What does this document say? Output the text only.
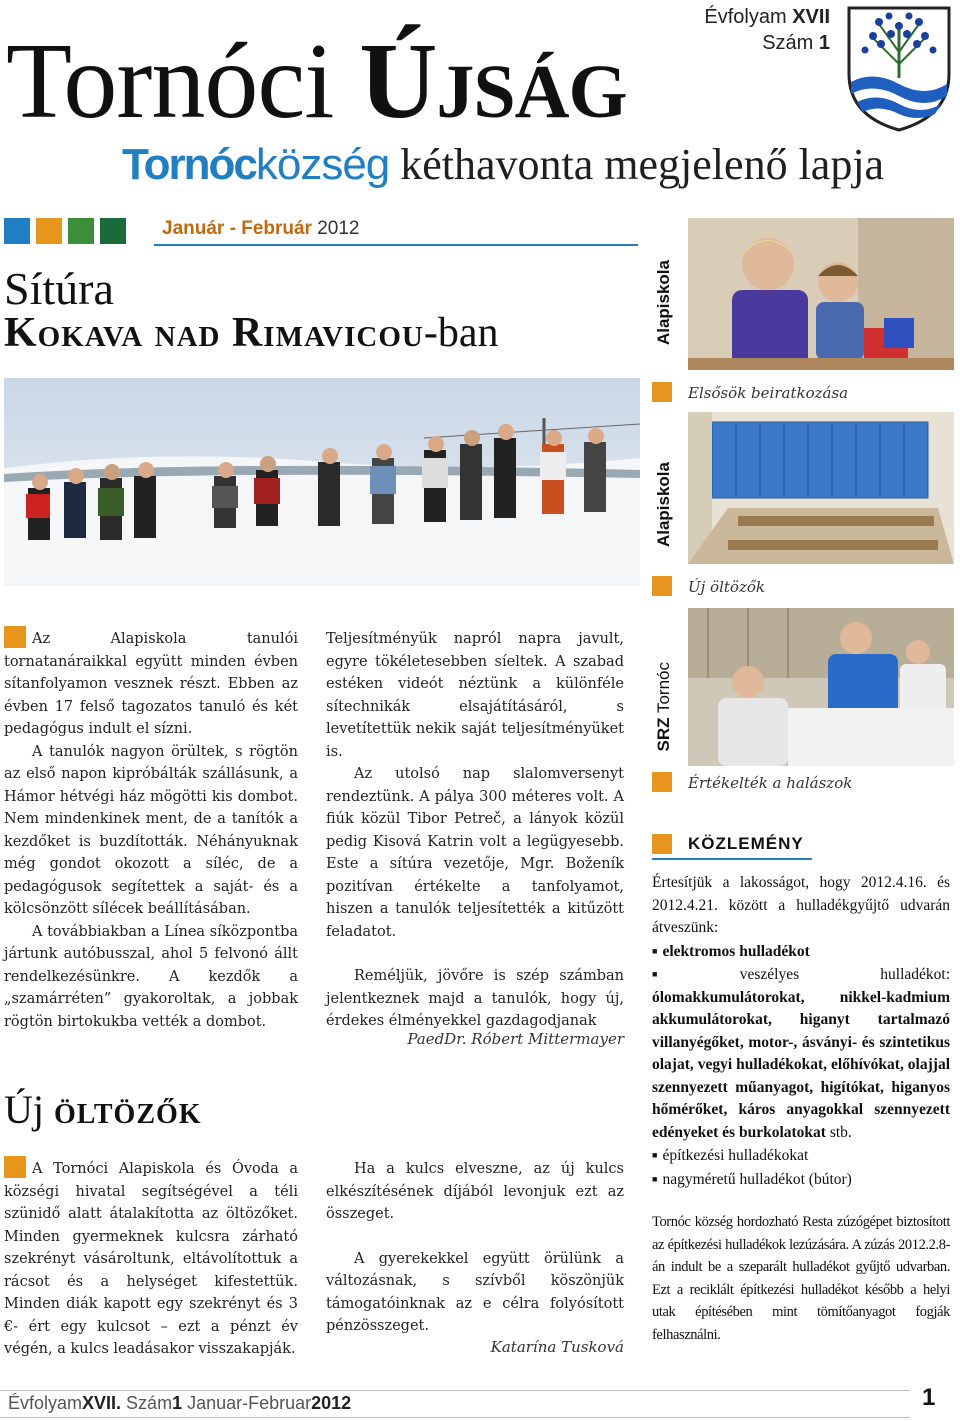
Tornóci Újság
Évfolyam XVII
Szám 1
Tornócközség kéthavonta megjelenő lapja
Január - Február 2012
Sítúra
Kokava nad Rimavicou-ban	Alapiskola
Elsősök beiratkozása
Alapiskola
Új öltözők
SRZ Tornóc
Értékelték a halászok

Az Alapiskola tanulói tornatanáraikkal együtt minden évben sítanfolyamon vesznek részt. Ebben az évben 17 felső tagozatos tanuló és két pedagógus indult el sízni.

A tanulók nagyon örültek, s rögtön az első napon kipróbálták szállásunk, a Hámor hétvégi ház mögötti kis dombot. Nem mindenkinek ment, de a tanítók a kezdőket is buzdították. Néhányuknak még gondot okozott a síléc, de a pedagógusok segítettek a saját- és a kölcsönzött sílécek beállításában.

A továbbiakban a Línea síközpontba jártunk autóbusszal, ahol 5 felvonó állt rendelkezésünkre. A kezdők a „szamárréten” gyakoroltak, a jobbak rögtön birtokukba vették a dombot.

Teljesítményük napról napra javult, egyre tökéletesebben síeltek. A szabad estéken videót néztünk a különféle sítechnikák elsajátításáról, s levetítettük nekik saját teljesítményüket is.

Az utolsó nap slalomversenyt rendeztünk. A pálya 300 méteres volt. A fiúk közül Tibor Petreč, a lányok közül pedig Kisová Katrin volt a legügyesebb. Este a sítúra vezetője, Mgr. Boženík pozitívan értékelte a tanfolyamot, hiszen a tanulók teljesítették a kitűzött feladatot.

Reméljük, jövőre is szép számban jelentkeznek majd a tanulók, hogy új, érdekes élményekkel gazdagodjanak

PaedDr. Róbert Mittermayer
Új öltözők

A Tornóci Alapiskola és Óvoda a községi hivatal segítségével a téli szünidő alatt átalakította az öltözőket. Minden gyermeknek kulcsra zárható szekrényt vásároltunk, eltávolítottuk a rácsot és a helységet kifestettük. Minden diák kapott egy szekrényt és 3 €- ért egy kulcsot – ezt a pénzt év végén, a kulcs leadásakor visszakapják.

Ha a kulcs elveszne, az új kulcs elkészítésének díjából levonjuk ezt az összeget.

A gyerekekkel együtt örülünk a változásnak, s szívből köszönjük támogatóinknak az e célra folyósított pénzösszeget.

Katarína Tusková
KÖZLEMÉNY
Értesítjük a lakosságot, hogy 2012.4.16. és 2012.4.21. között a hulladékgyűjtő udvarán átveszünk:
■ elektromos hulladékot
■ veszélyes hulladékot: ólomakkumulátorokat, nikkel-kadmium akkumulátorokat, higanyt tartalmazó villanyégőket, motor-, ásványi- és szintetikus olajat, vegyi hulladékokat, előhívókat, olajjal szennyezett műanyagot, higítókat, higanyos hőmérőket, káros anyagokkal szennyezett edényeket és burkolatokat stb.
■ építkezési hulladékokat
■ nagyméretű hulladékot (bútor)
Tornóc község hordozható Resta zúzógépet biztosított az építkezési hulladékok lezúzására. A zúzás 2012.2.8-án indult be a szeparált hulladékot gyűjtő udvarban. Ezt a reciklált építkezési hulladékot később a helyi utak építésében mint tömítőanyagot fogják felhasználni.
ÉvfolyamXVII. Szám1 Januar-Februar2012	1
